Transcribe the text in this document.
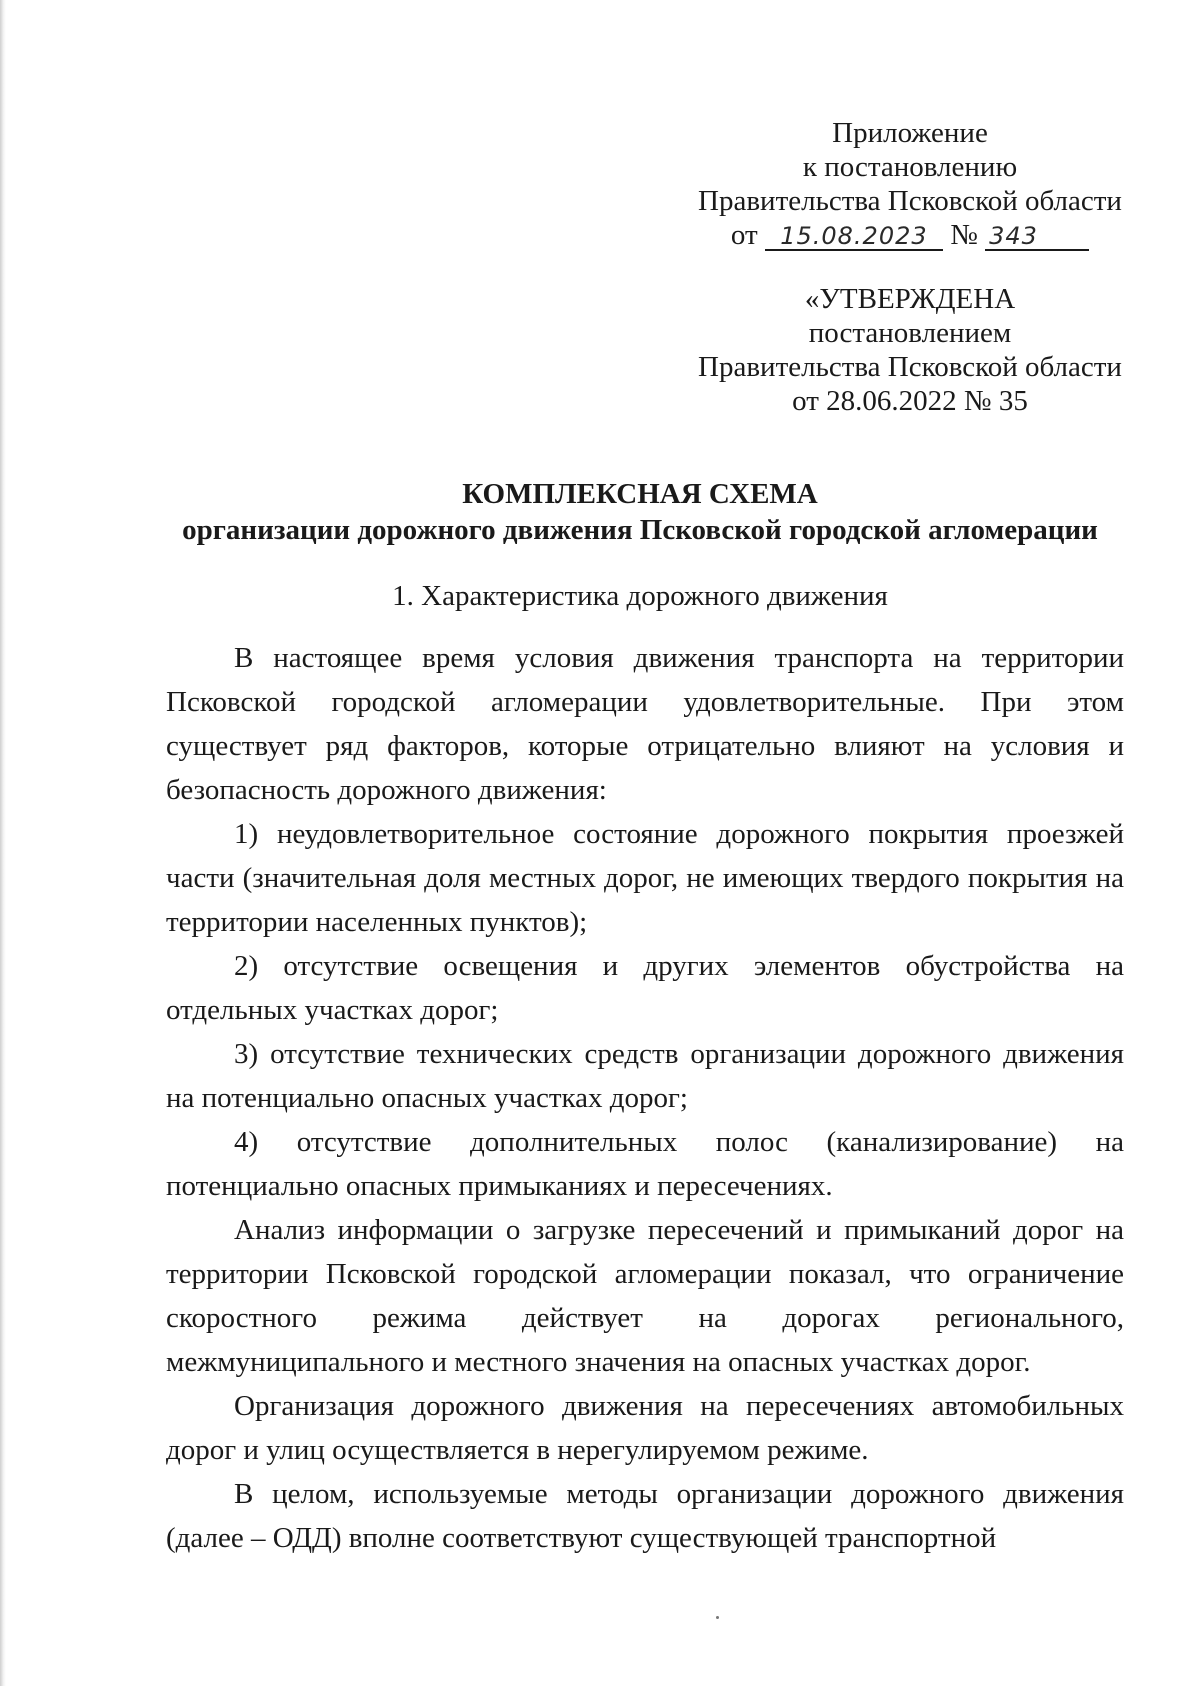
Приложение
к постановлению
Правительства Псковской области
от 15.08.2023 № 343
«УТВЕРЖДЕНА
постановлением
Правительства Псковской области
от 28.06.2022 № 35
КОМПЛЕКСНАЯ СХЕМА
организации дорожного движения Псковской городской агломерации
1. Характеристика дорожного движения

В настоящее время условия движения транспорта на территории Псковской городской агломерации удовлетворительные. При этом существует ряд факторов, которые отрицательно влияют на условия и безопасность дорожного движения:

1) неудовлетворительное состояние дорожного покрытия проезжей части (значительная доля местных дорог, не имеющих твердого покрытия на территории населенных пунктов);

2) отсутствие освещения и других элементов обустройства на отдельных участках дорог;

3) отсутствие технических средств организации дорожного движения на потенциально опасных участках дорог;

4) отсутствие дополнительных полос (канализирование) на потенциально опасных примыканиях и пересечениях.

Анализ информации о загрузке пересечений и примыканий дорог на территории Псковской городской агломерации показал, что ограничение скоростного режима действует на дорогах регионального, межмуниципального и местного значения на опасных участках дорог.

Организация дорожного движения на пересечениях автомобильных дорог и улиц осуществляется в нерегулируемом режиме.

В целом, используемые методы организации дорожного движения (далее – ОДД) вполне соответствуют существующей транспортной
